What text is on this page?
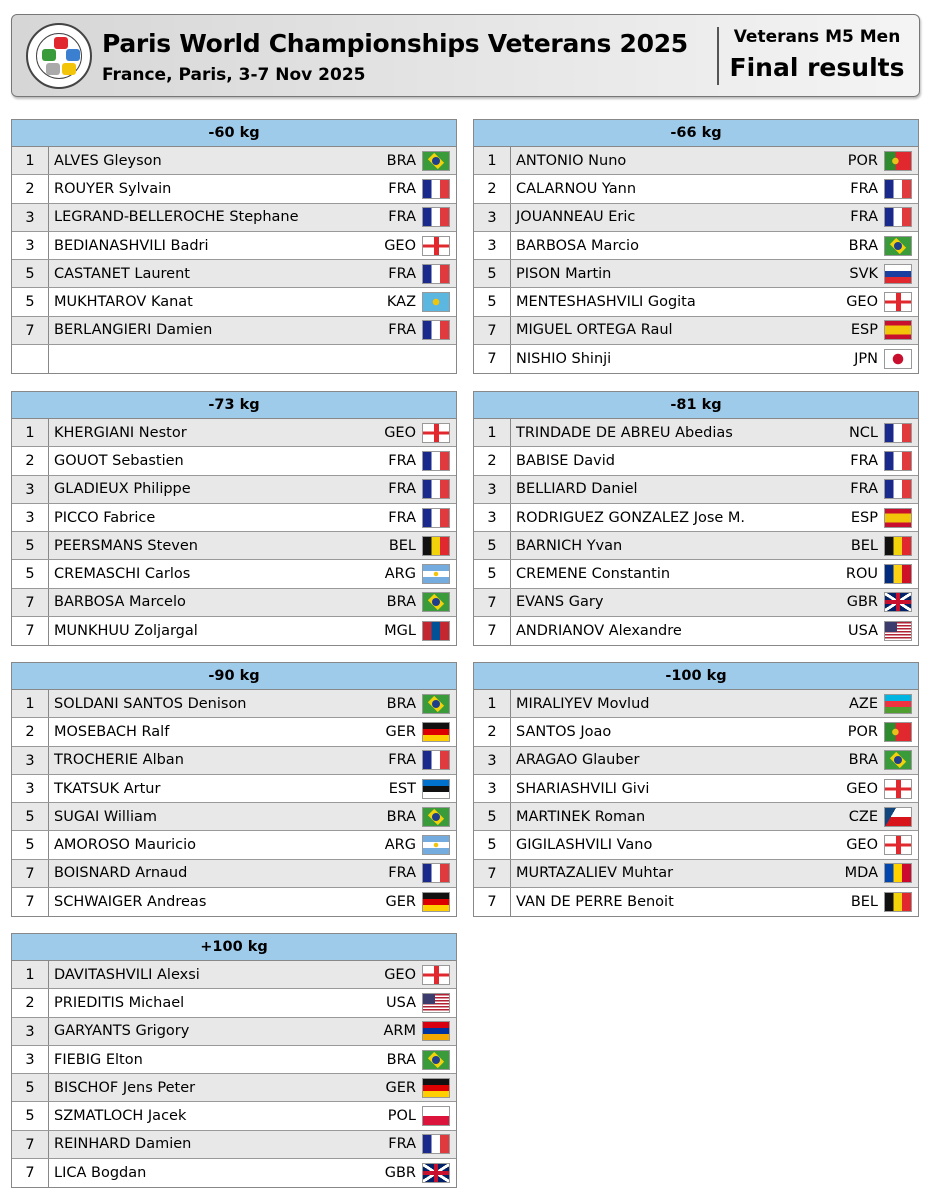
Paris World Championships Veterans 2025
France, Paris, 3-7 Nov 2025
Veterans M5 Men
Final results
-60 kg
1	ALVES Gleyson	BRA
2	ROUYER Sylvain	FRA
3	LEGRAND-BELLEROCHE Stephane	FRA
3	BEDIANASHVILI Badri	GEO
5	CASTANET Laurent	FRA
5	MUKHTAROV Kanat	KAZ
7	BERLANGIERI Damien	FRA
-66 kg
1	ANTONIO Nuno	POR
2	CALARNOU Yann	FRA
3	JOUANNEAU Eric	FRA
3	BARBOSA Marcio	BRA
5	PISON Martin	SVK
5	MENTESHASHVILI Gogita	GEO
7	MIGUEL ORTEGA Raul	ESP
7	NISHIO Shinji	JPN
-73 kg
1	KHERGIANI Nestor	GEO
2	GOUOT Sebastien	FRA
3	GLADIEUX Philippe	FRA
3	PICCO Fabrice	FRA
5	PEERSMANS Steven	BEL
5	CREMASCHI Carlos	ARG
7	BARBOSA Marcelo	BRA
7	MUNKHUU Zoljargal	MGL
-81 kg
1	TRINDADE DE ABREU Abedias	NCL
2	BABISE David	FRA
3	BELLIARD Daniel	FRA
3	RODRIGUEZ GONZALEZ Jose M.	ESP
5	BARNICH Yvan	BEL
5	CREMENE Constantin	ROU
7	EVANS Gary	GBR
7	ANDRIANOV Alexandre	USA
-90 kg
1	SOLDANI SANTOS Denison	BRA
2	MOSEBACH Ralf	GER
3	TROCHERIE Alban	FRA
3	TKATSUK Artur	EST
5	SUGAI William	BRA
5	AMOROSO Mauricio	ARG
7	BOISNARD Arnaud	FRA
7	SCHWAIGER Andreas	GER
-100 kg
1	MIRALIYEV Movlud	AZE
2	SANTOS Joao	POR
3	ARAGAO Glauber	BRA
3	SHARIASHVILI Givi	GEO
5	MARTINEK Roman	CZE
5	GIGILASHVILI Vano	GEO
7	MURTAZALIEV Muhtar	MDA
7	VAN DE PERRE Benoit	BEL
+100 kg
1	DAVITASHVILI Alexsi	GEO
2	PRIEDITIS Michael	USA
3	GARYANTS Grigory	ARM
3	FIEBIG Elton	BRA
5	BISCHOF Jens Peter	GER
5	SZMATLOCH Jacek	POL
7	REINHARD Damien	FRA
7	LICA Bogdan	GBR
